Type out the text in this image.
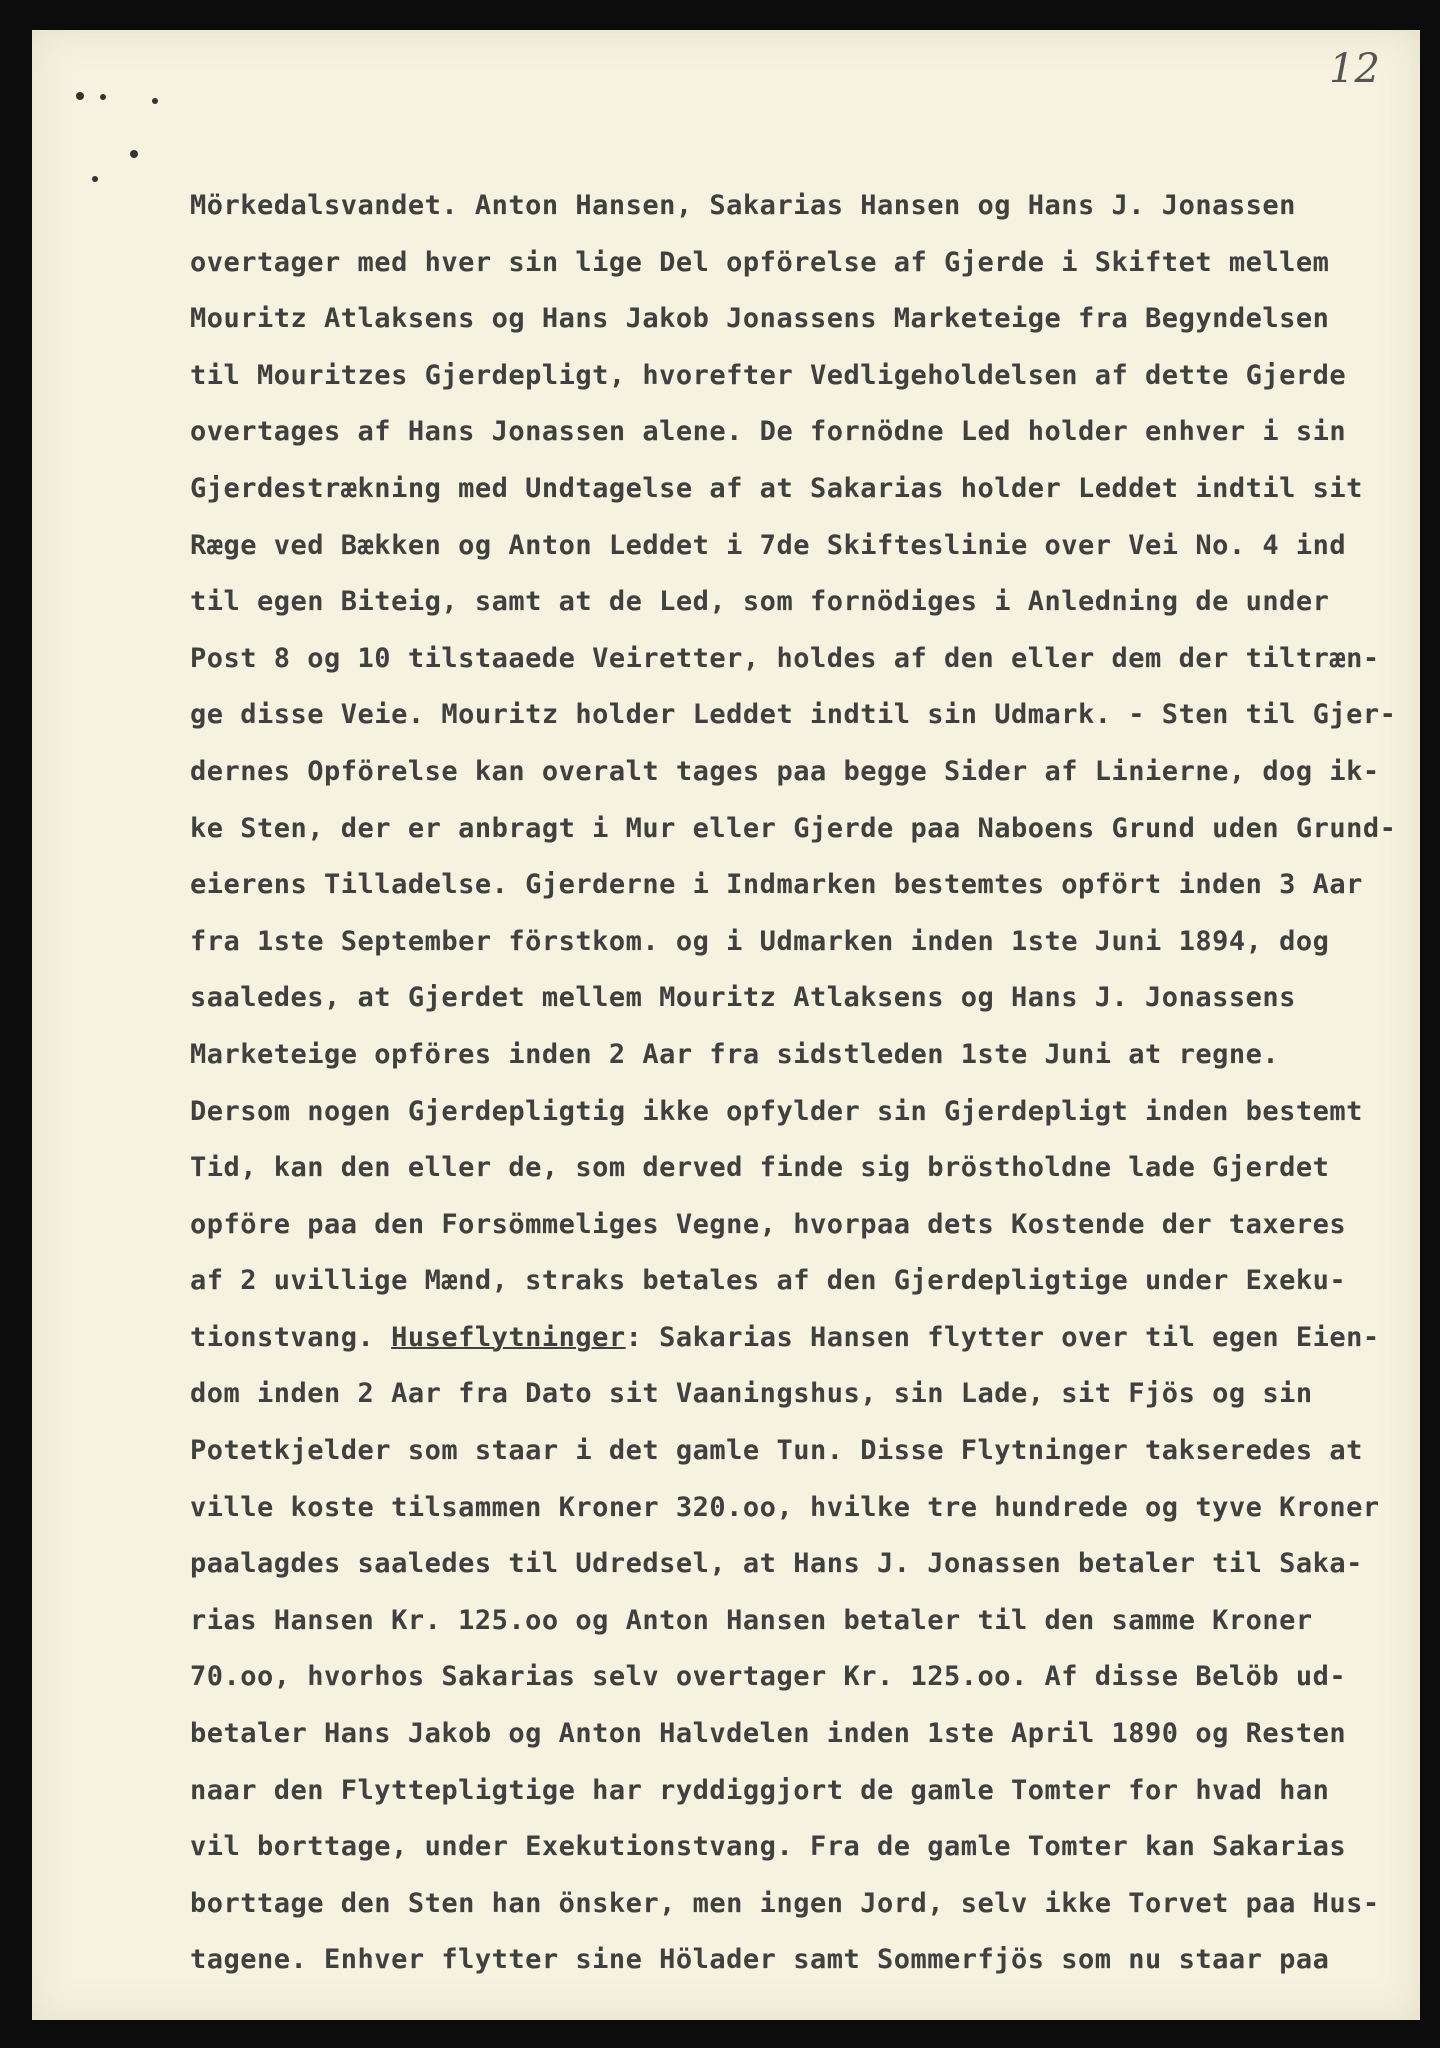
12
Mörkedalsvandet. Anton Hansen, Sakarias Hansen og Hans J. Jonassen
overtager med hver sin lige Del opförelse af Gjerde i Skiftet mellem
Mouritz Atlaksens og Hans Jakob Jonassens Marketeige fra Begyndelsen
til Mouritzes Gjerdepligt, hvorefter Vedligeholdelsen af dette Gjerde
overtages af Hans Jonassen alene. De fornödne Led holder enhver i sin
Gjerdestrækning med Undtagelse af at Sakarias holder Leddet indtil sit
Ræge ved Bækken og Anton Leddet i 7de Skifteslinie over Vei No. 4 ind
til egen Biteig, samt at de Led, som fornödiges i Anledning de under
Post 8 og 10 tilstaaede Veiretter, holdes af den eller dem der tiltræn-
ge disse Veie. Mouritz holder Leddet indtil sin Udmark. - Sten til Gjer-
dernes Opförelse kan overalt tages paa begge Sider af Linierne, dog ik-
ke Sten, der er anbragt i Mur eller Gjerde paa Naboens Grund uden Grund-
eierens Tilladelse. Gjerderne i Indmarken bestemtes opfört inden 3 Aar
fra 1ste September förstkom. og i Udmarken inden 1ste Juni 1894, dog
saaledes, at Gjerdet mellem Mouritz Atlaksens og Hans J. Jonassens
Marketeige opföres inden 2 Aar fra sidstleden 1ste Juni at regne.
Dersom nogen Gjerdepligtig ikke opfylder sin Gjerdepligt inden bestemt
Tid, kan den eller de, som derved finde sig bröstholdne lade Gjerdet
opföre paa den Forsömmeliges Vegne, hvorpaa dets Kostende der taxeres
af 2 uvillige Mænd, straks betales af den Gjerdepligtige under Exeku-
tionstvang. Huseflytninger: Sakarias Hansen flytter over til egen Eien-
dom inden 2 Aar fra Dato sit Vaaningshus, sin Lade, sit Fjös og sin
Potetkjelder som staar i det gamle Tun. Disse Flytninger takseredes at
ville koste tilsammen Kroner 320.oo, hvilke tre hundrede og tyve Kroner
paalagdes saaledes til Udredsel, at Hans J. Jonassen betaler til Saka-
rias Hansen Kr. 125.oo og Anton Hansen betaler til den samme Kroner
70.oo, hvorhos Sakarias selv overtager Kr. 125.oo. Af disse Belöb ud-
betaler Hans Jakob og Anton Halvdelen inden 1ste April 1890 og Resten
naar den Flyttepligtige har ryddiggjort de gamle Tomter for hvad han
vil borttage, under Exekutionstvang. Fra de gamle Tomter kan Sakarias
borttage den Sten han önsker, men ingen Jord, selv ikke Torvet paa Hus-
tagene. Enhver flytter sine Hölader samt Sommerfjös som nu staar paa
